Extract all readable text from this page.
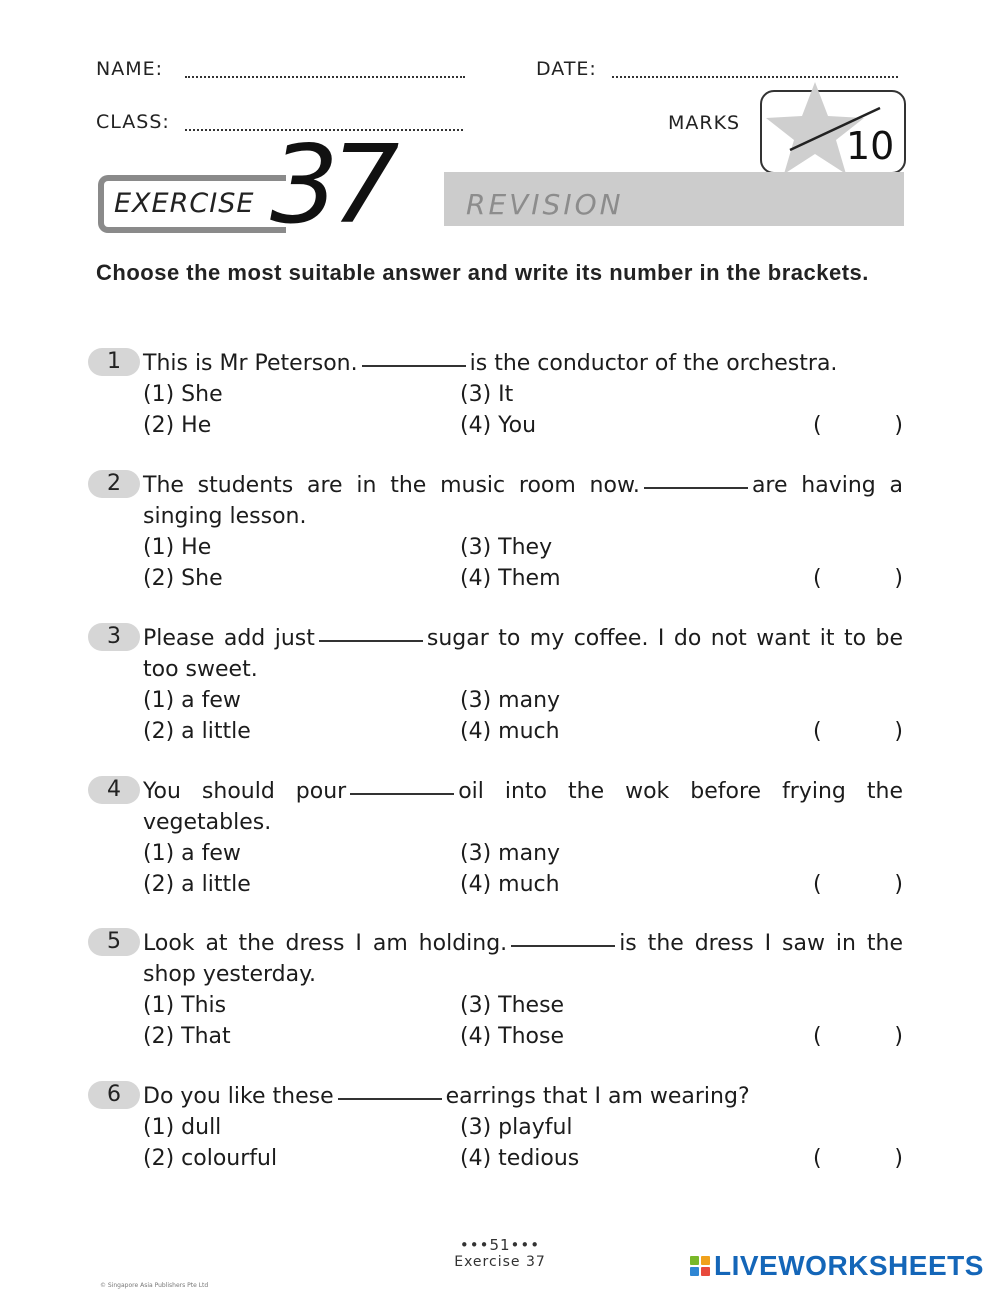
NAME:	DATE:
CLASS:	MARKS
10
REVISION
EXERCISE 37
Choose the most suitable answer and write its number in the brackets.
1	This is Mr Peterson.	is the conductor of the orchestra.
(1) She
(2) He
(3) It
(4) You	(	)
2	The students are in the music room now.	are having a singing lesson.
(1) He
(2) She
(3) They
(4) Them	(	)
3	Please add just	sugar to my coffee. I do not want it to be too sweet.
(1) a few
(2) a little
(3) many
(4) much	(	)
4	You should pour	oil into the wok before frying the vegetables.
(1) a few
(2) a little
(3) many
(4) much	(	)
5	Look at the dress I am holding.	is the dress I saw in the shop yesterday.
(1) This
(2) That
(3) These
(4) Those	(	)
6	Do you like these	earrings that I am wearing?
(1) dull
(2) colourful
(3) playful
(4) tedious	(	)
•••51•••
Exercise 37
© Singapore Asia Publishers Pte Ltd
LIVEWORKSHEETS
